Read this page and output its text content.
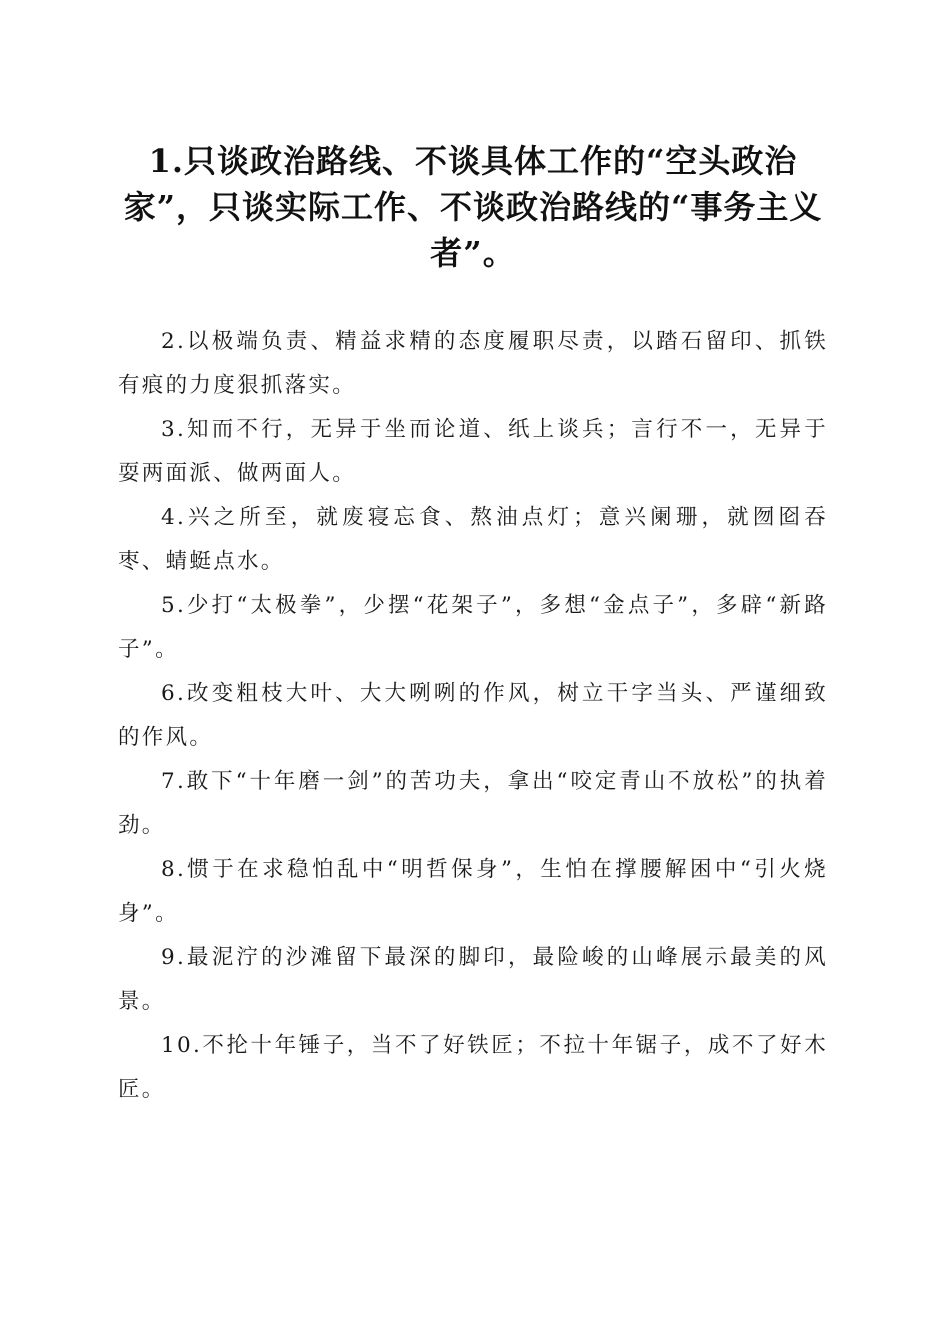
1.只谈政治路线、不谈具体工作的“空头政治家”，只谈实际工作、不谈政治路线的“事务主义者”。
2.以极端负责、精益求精的态度履职尽责，以踏石留印、抓铁有痕的力度狠抓落实。
3.知而不行，无异于坐而论道、纸上谈兵；言行不一，无异于耍两面派、做两面人。
4.兴之所至，就废寝忘食、熬油点灯；意兴阑珊，就囫囵吞枣、蜻蜓点水。
5.少打“太极拳”，少摆“花架子”，多想“金点子”，多辟“新路子”。
6.改变粗枝大叶、大大咧咧的作风，树立干字当头、严谨细致的作风。
7.敢下“十年磨一剑”的苦功夫，拿出“咬定青山不放松”的执着劲。
8.惯于在求稳怕乱中“明哲保身”，生怕在撑腰解困中“引火烧身”。
9.最泥泞的沙滩留下最深的脚印，最险峻的山峰展示最美的风景。
10.不抡十年锤子，当不了好铁匠；不拉十年锯子，成不了好木匠。
